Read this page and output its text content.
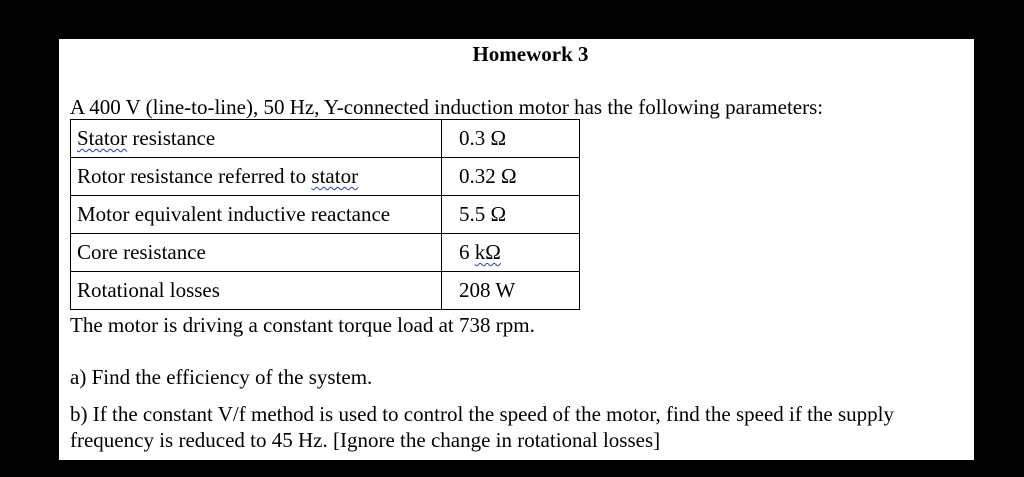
Homework 3
A 400 V (line-to-line), 50 Hz, Y-connected induction motor has the following parameters:
Stator resistance	0.3 Ω
Rotor resistance referred to stator	0.32 Ω
Motor equivalent inductive reactance	5.5 Ω
Core resistance	6 kΩ
Rotational losses	208 W
The motor is driving a constant torque load at 738 rpm.
a) Find the efficiency of the system.
b) If the constant V/f method is used to control the speed of the motor, find the speed if the supply frequency is reduced to 45 Hz. [Ignore the change in rotational losses]
